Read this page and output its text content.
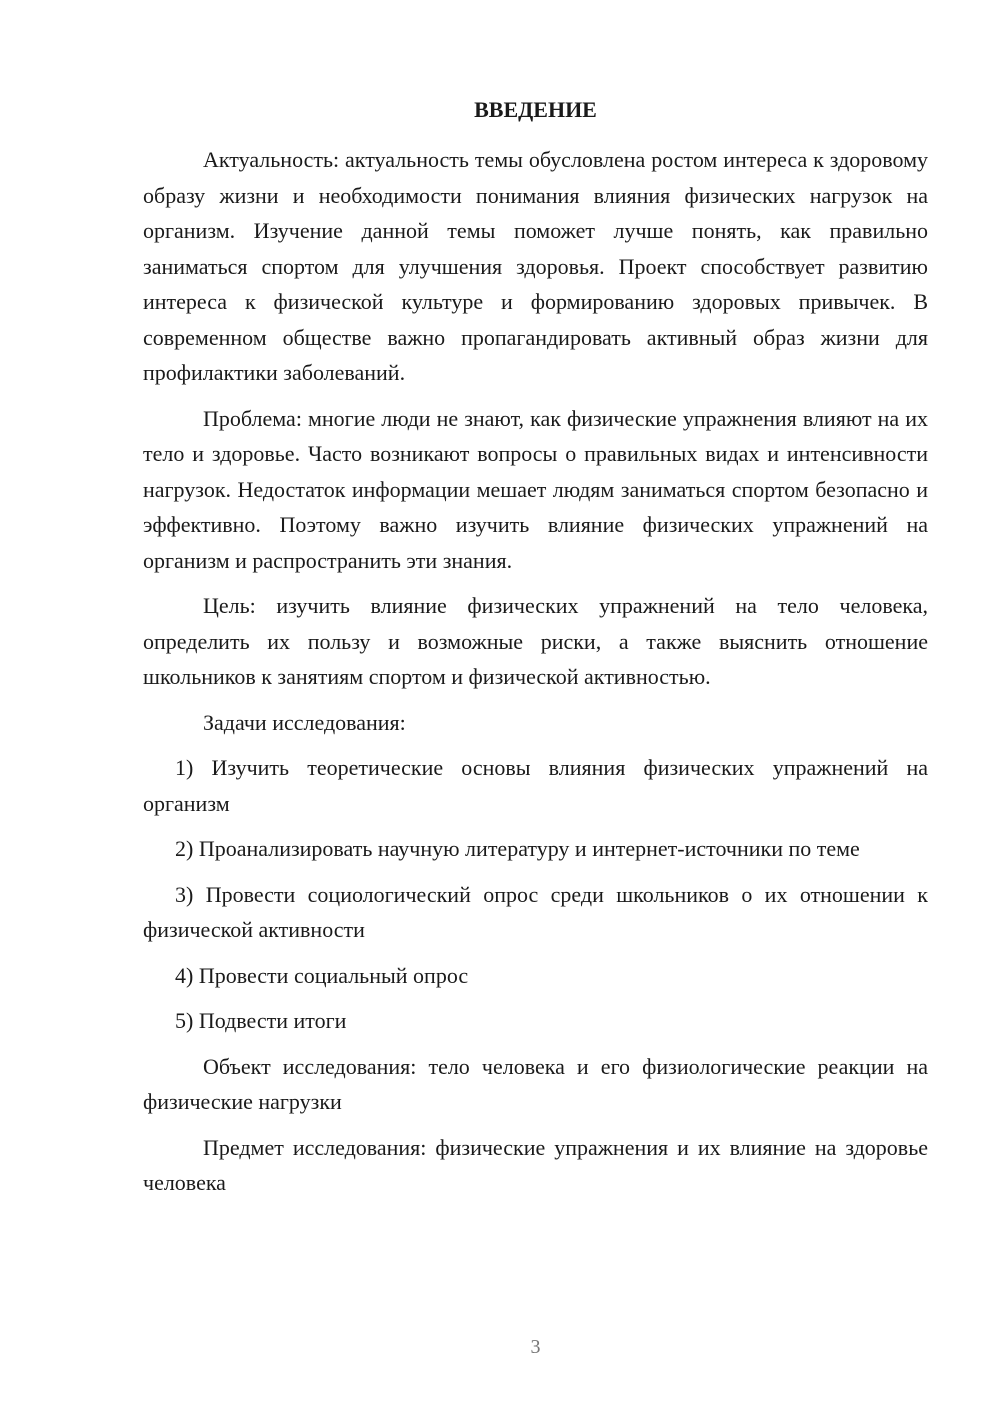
ВВЕДЕНИЕ

Актуальность: актуальность темы обусловлена ростом интереса к здоровому образу жизни и необходимости понимания влияния физических нагрузок на организм. Изучение данной темы поможет лучше понять, как правильно заниматься спортом для улучшения здоровья. Проект способствует развитию интереса к физической культуре и формированию здоровых привычек. В современном обществе важно пропагандировать активный образ жизни для профилактики заболеваний.

Проблема: многие люди не знают, как физические упражнения влияют на их тело и здоровье. Часто возникают вопросы о правильных видах и интенсивности нагрузок. Недостаток информации мешает людям заниматься спортом безопасно и эффективно. Поэтому важно изучить влияние физических упражнений на организм и распространить эти знания.

Цель: изучить влияние физических упражнений на тело человека, определить их пользу и возможные риски, а также выяснить отношение школьников к занятиям спортом и физической активностью.

Задачи исследования:

1) Изучить теоретические основы влияния физических упражнений на организм

2) Проанализировать научную литературу и интернет-источники по теме

3) Провести социологический опрос среди школьников о их отношении к физической активности

4) Провести социальный опрос

5) Подвести итоги

Объект исследования: тело человека и его физиологические реакции на физические нагрузки

Предмет исследования: физические упражнения и их влияние на здоровье человека

3
